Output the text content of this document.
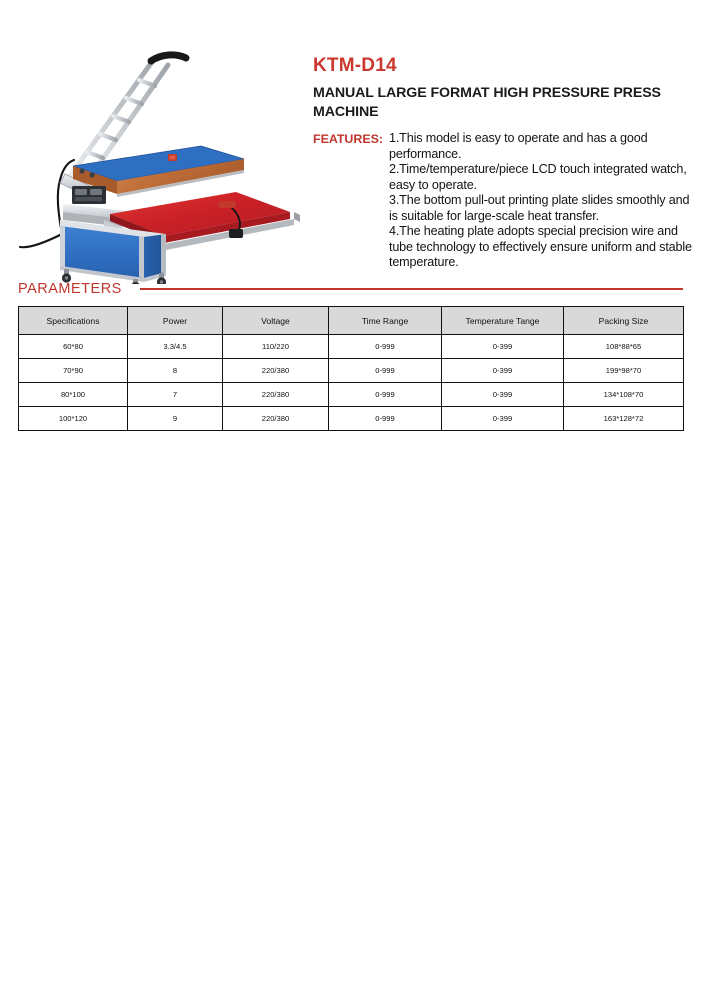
KTM-D14
MANUAL LARGE FORMAT HIGH PRESSURE PRESS MACHINE
FEATURES: 1.This model is easy to operate and has a good performance.
2.Time/temperature/piece LCD touch integrated watch, easy to operate.
3.The bottom pull-out printing plate slides smoothly and is suitable for large-scale heat transfer.
4.The heating plate adopts special precision wire and tube technology to effectively ensure uniform and stable temperature.
PARAMETERS
Specifications	Power	Voltage	Time Range	Temperature Tange	Packing Size
60*80	3.3/4.5	110/220	0-999	0-399	108*88*65
70*90	8	220/380	0-999	0-399	199*98*70
80*100	7	220/380	0-999	0-399	134*108*70
100*120	9	220/380	0-999	0-399	163*128*72
